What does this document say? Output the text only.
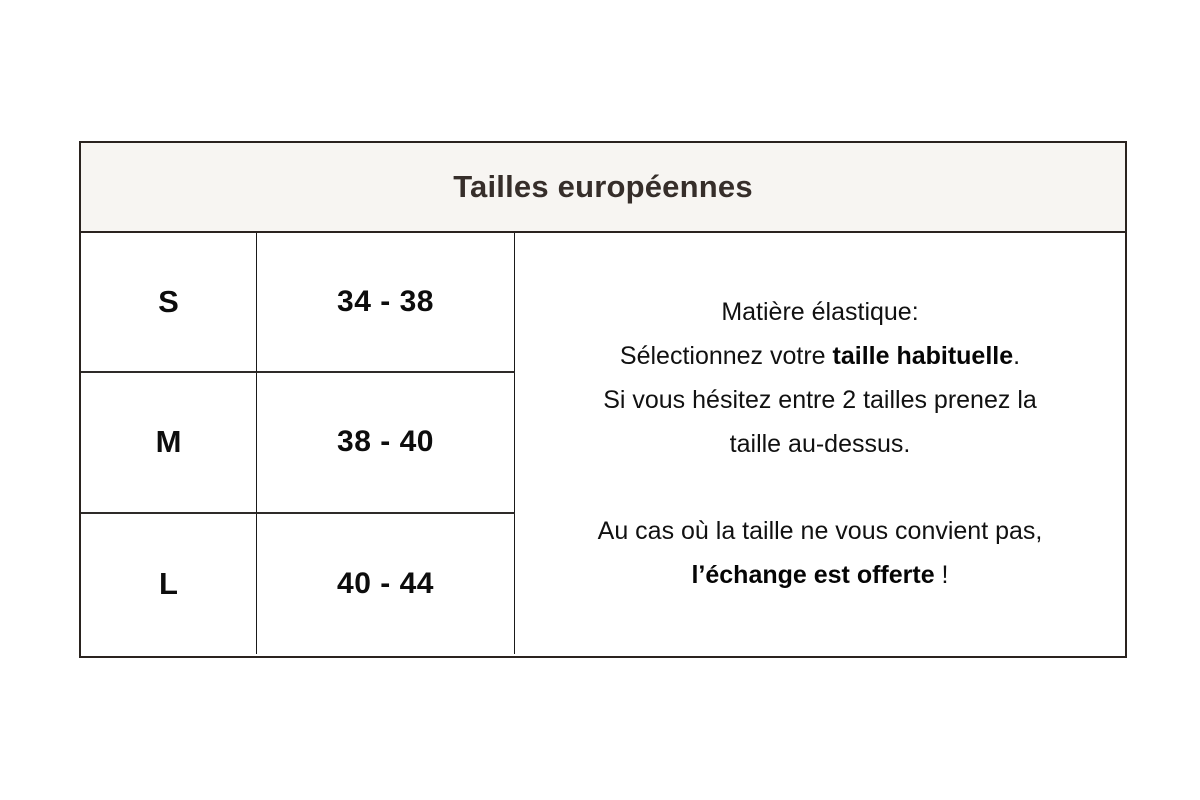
Tailles européennes
S	34 - 38
M	38 - 40
L	40 - 44
Matière élastique:
Sélectionnez votre taille habituelle.
Si vous hésitez entre 2 tailles prenez la
taille au-dessus.
Au cas où la taille ne vous convient pas,
l’échange est offerte !
